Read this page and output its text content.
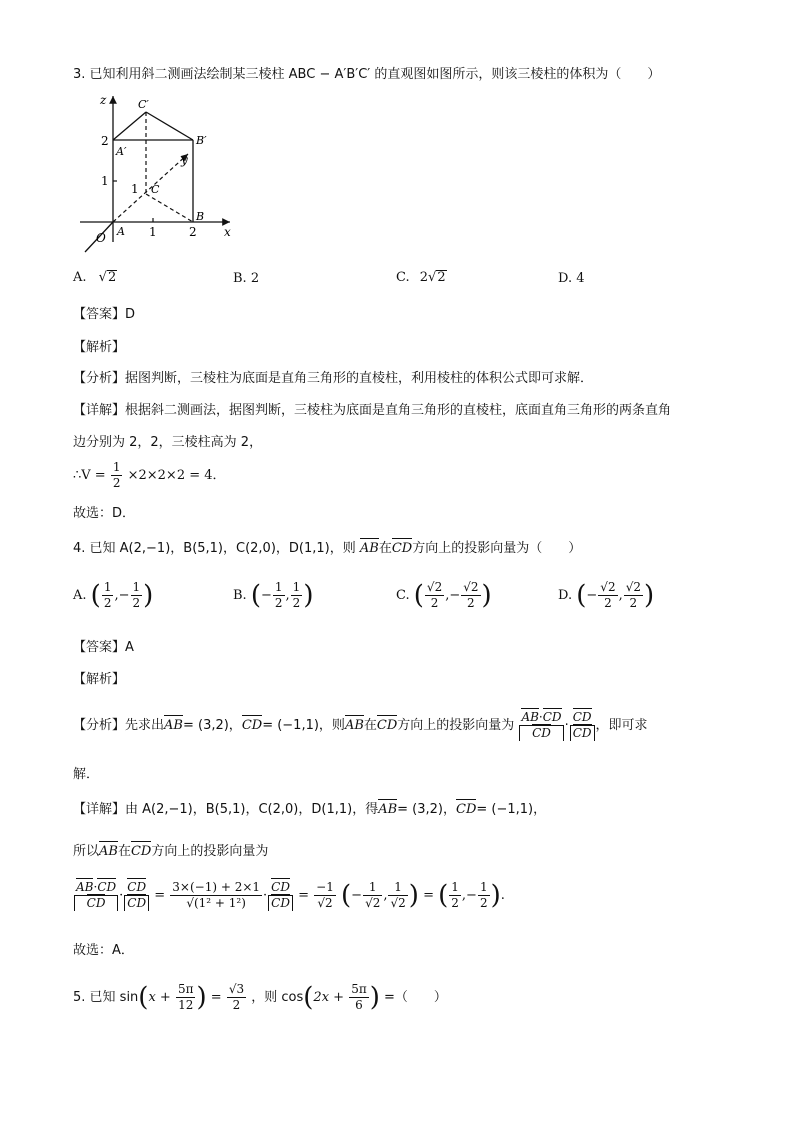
3. 已知利用斜二测画法绘制某三棱柱 ABC − A′B′C′ 的直观图如图所示，则该三棱柱的体积为（　　）
z
y
x
O A
B
C
A′
B′
C′
2
1
1
1	2
A. √2	B. 2	C. 2√2	D. 4
【答案】D
【解析】
【分析】据图判断，三棱柱为底面是直角三角形的直棱柱，利用棱柱的体积公式即可求解．
【详解】根据斜二测画法，据图判断，三棱柱为底面是直角三角形的直棱柱，底面直角三角形的两条直角
边分别为 2，2，三棱柱高为 2，
∴V = $\frac{1}{2} \times 2\times 2\times 2 = 4$．
故选：D．
4. 已知 A(2,−1)，B(5,1)，C(2,0)，D(1,1)，则 AB在CD方向上的投影向量为（　　）
A. ( $\frac{1}{2}$ ,− $\frac{1}{2}$ )	B. (− $\frac{1}{2}$ , $\frac{1}{2}$ )	C. ( $\frac{√2}{2}$ ,− $\frac{√2}{2}$ )	D. (− $\frac{√2}{2}$ , $\frac{√2}{2}$ )
【答案】A
【解析】
【分析】先求出AB= (3,2)，CD= (−1,1)，则AB在CD方向上的投影向量为 $\frac{AB\cdot CD}{CD} \cdot \frac{CD}{CD}$ ，即可求
解．
【详解】由 A(2,−1)，B(5,1)，C(2,0)，D(1,1)，得AB= (3,2)，CD= (−1,1)，
所以AB在CD方向上的投影向量为
$\frac{AB\cdot CD}{CD} \cdot \frac{CD}{CD} = \frac{3\times(-1) + 2\times 1}{\text{√(1² + 1²)}} \cdot \frac{CD}{CD} = \frac{-1}{√2}$ (− $\frac{1}{√2}$ , $\frac{1}{√2}$ ) = ( $\frac{1}{2}$ ,− $\frac{1}{2}$ ).
故选：A．
5. 已知 $\sin(x + \frac{5\pi}{12}$ ) = $\frac{√3}{2}$ ，则 $\cos(2x + \frac{5\pi}{6}$ ) =（　　）
